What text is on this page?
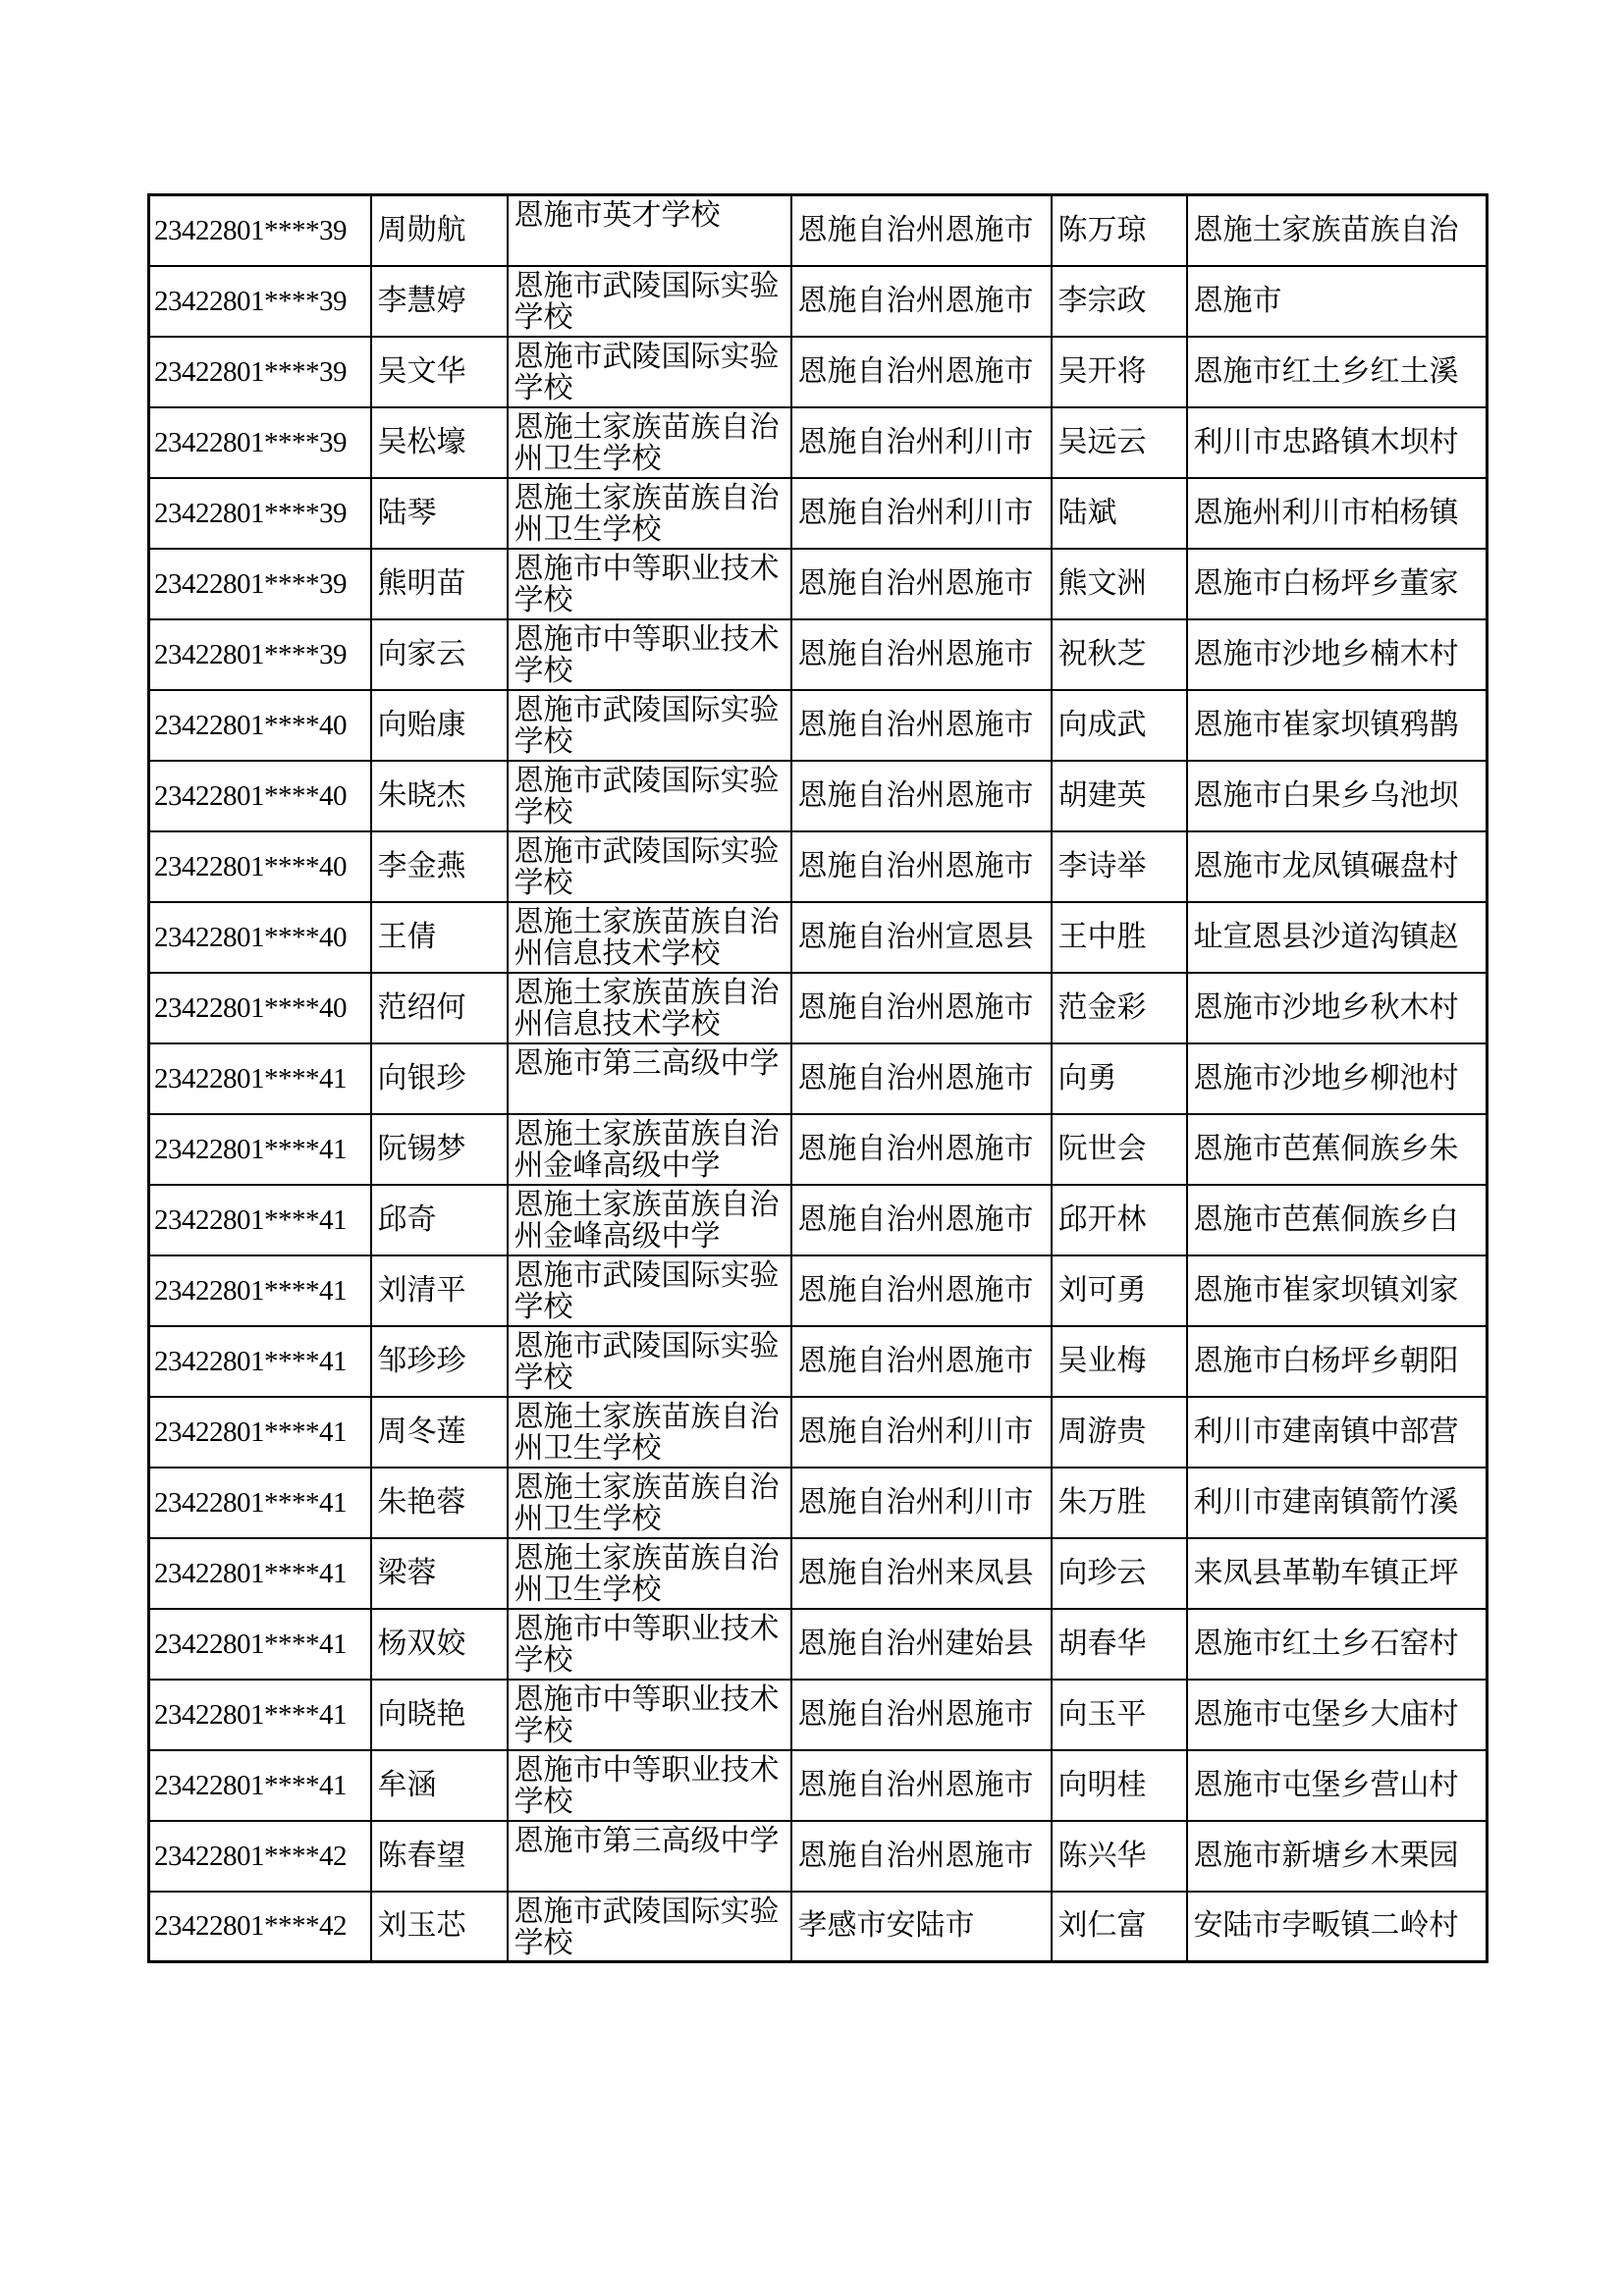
23422801****39	周勋航	恩施市英才学校	恩施自治州恩施市	陈万琼	恩施土家族苗族自治
23422801****39	李慧婷	恩施市武陵国际实验学校	恩施自治州恩施市	李宗政	恩施市
23422801****39	吴文华	恩施市武陵国际实验学校	恩施自治州恩施市	吴开将	恩施市红土乡红土溪
23422801****39	吴松壕	恩施土家族苗族自治州卫生学校	恩施自治州利川市	吴远云	利川市忠路镇木坝村
23422801****39	陆琴	恩施土家族苗族自治州卫生学校	恩施自治州利川市	陆斌	恩施州利川市柏杨镇
23422801****39	熊明苗	恩施市中等职业技术学校	恩施自治州恩施市	熊文洲	恩施市白杨坪乡董家
23422801****39	向家云	恩施市中等职业技术学校	恩施自治州恩施市	祝秋芝	恩施市沙地乡楠木村
23422801****40	向贻康	恩施市武陵国际实验学校	恩施自治州恩施市	向成武	恩施市崔家坝镇鸦鹊
23422801****40	朱晓杰	恩施市武陵国际实验学校	恩施自治州恩施市	胡建英	恩施市白果乡乌池坝
23422801****40	李金燕	恩施市武陵国际实验学校	恩施自治州恩施市	李诗举	恩施市龙凤镇碾盘村
23422801****40	王倩	恩施土家族苗族自治州信息技术学校	恩施自治州宣恩县	王中胜	址宣恩县沙道沟镇赵
23422801****40	范绍何	恩施土家族苗族自治州信息技术学校	恩施自治州恩施市	范金彩	恩施市沙地乡秋木村
23422801****41	向银珍	恩施市第三高级中学	恩施自治州恩施市	向勇	恩施市沙地乡柳池村
23422801****41	阮锡梦	恩施土家族苗族自治州金峰高级中学	恩施自治州恩施市	阮世会	恩施市芭蕉侗族乡朱
23422801****41	邱奇	恩施土家族苗族自治州金峰高级中学	恩施自治州恩施市	邱开林	恩施市芭蕉侗族乡白
23422801****41	刘清平	恩施市武陵国际实验学校	恩施自治州恩施市	刘可勇	恩施市崔家坝镇刘家
23422801****41	邹珍珍	恩施市武陵国际实验学校	恩施自治州恩施市	吴业梅	恩施市白杨坪乡朝阳
23422801****41	周冬莲	恩施土家族苗族自治州卫生学校	恩施自治州利川市	周游贵	利川市建南镇中部营
23422801****41	朱艳蓉	恩施土家族苗族自治州卫生学校	恩施自治州利川市	朱万胜	利川市建南镇箭竹溪
23422801****41	梁蓉	恩施土家族苗族自治州卫生学校	恩施自治州来凤县	向珍云	来凤县革勒车镇正坪
23422801****41	杨双姣	恩施市中等职业技术学校	恩施自治州建始县	胡春华	恩施市红土乡石窑村
23422801****41	向晓艳	恩施市中等职业技术学校	恩施自治州恩施市	向玉平	恩施市屯堡乡大庙村
23422801****41	牟涵	恩施市中等职业技术学校	恩施自治州恩施市	向明桂	恩施市屯堡乡营山村
23422801****42	陈春望	恩施市第三高级中学	恩施自治州恩施市	陈兴华	恩施市新塘乡木栗园
23422801****42	刘玉芯	恩施市武陵国际实验学校	孝感市安陆市	刘仁富	安陆市孛畈镇二岭村
